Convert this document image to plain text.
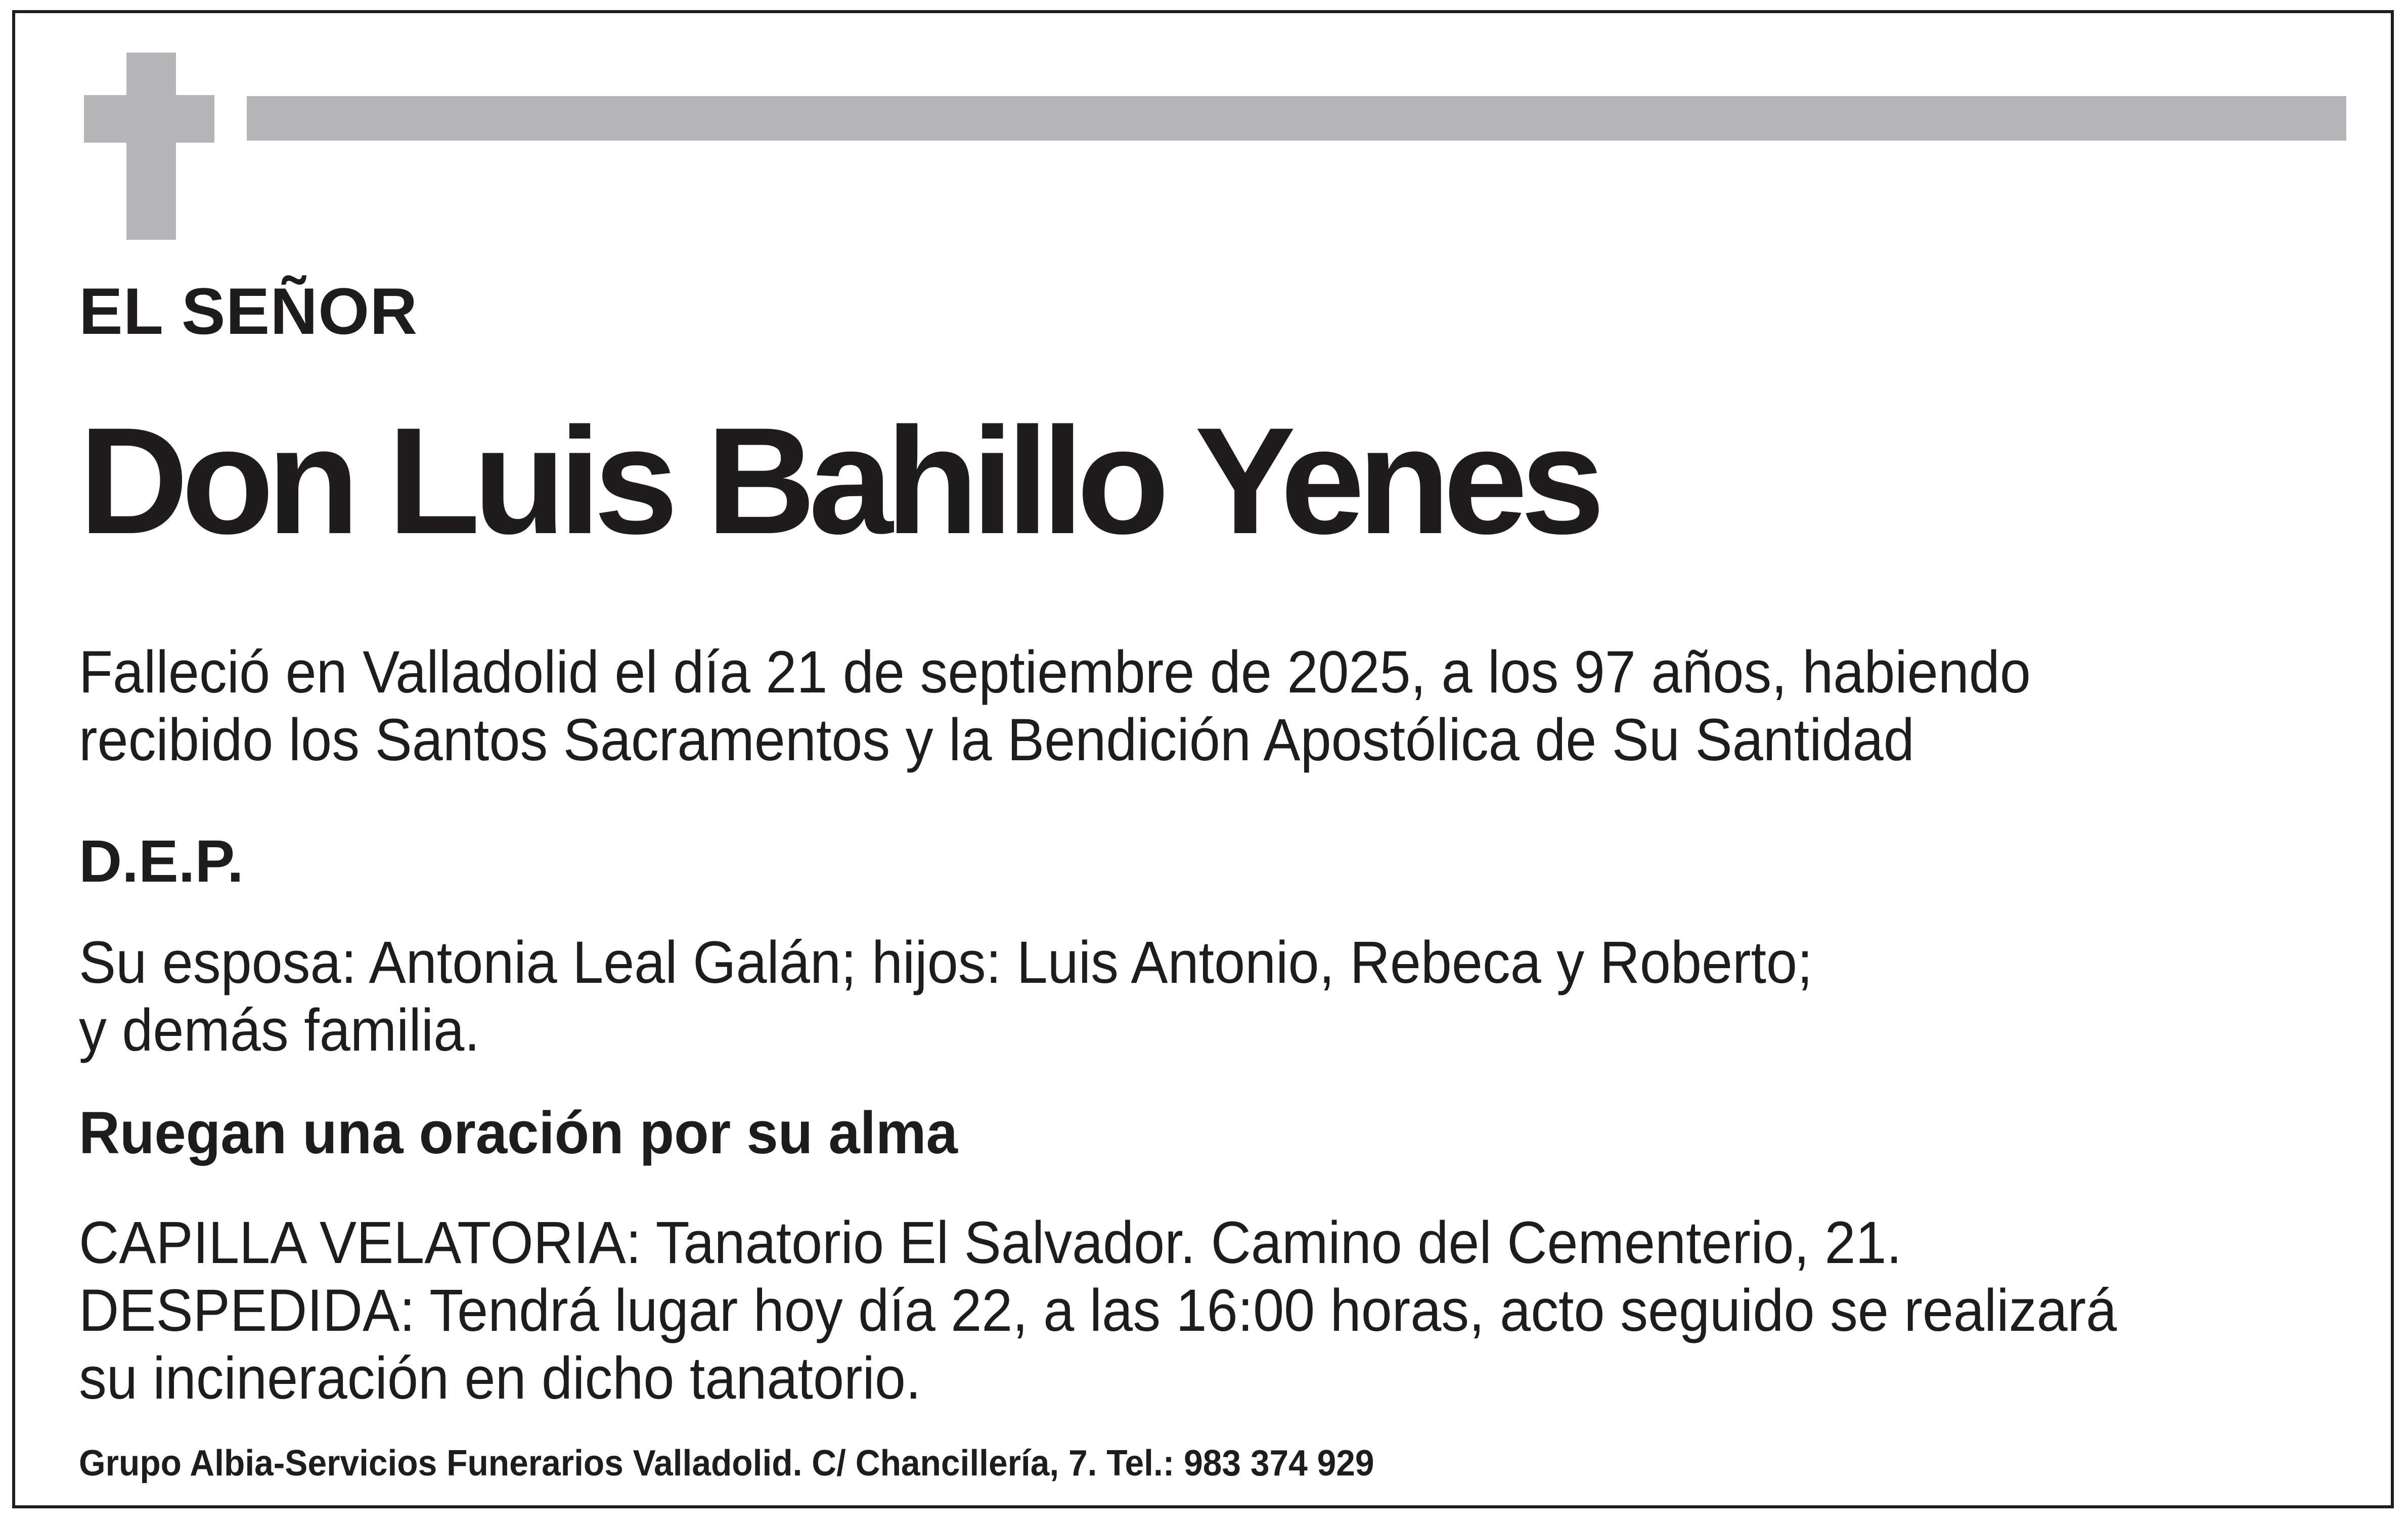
EL SEÑOR

Don Luis Bahillo Yenes

Falleció en Valladolid el día 21 de septiembre de 2025, a los 97 años, habiendo
recibido los Santos Sacramentos y la Bendición Apostólica de Su Santidad

D.E.P.

Su esposa: Antonia Leal Galán; hijos: Luis Antonio, Rebeca y Roberto;
y demás familia.

Ruegan una oración por su alma

CAPILLA VELATORIA: Tanatorio El Salvador. Camino del Cementerio, 21.
DESPEDIDA: Tendrá lugar hoy día 22, a las 16:00 horas, acto seguido se realizará
su incineración en dicho tanatorio.

Grupo Albia-Servicios Funerarios Valladolid. C/ Chancillería, 7. Tel.: 983 374 929
